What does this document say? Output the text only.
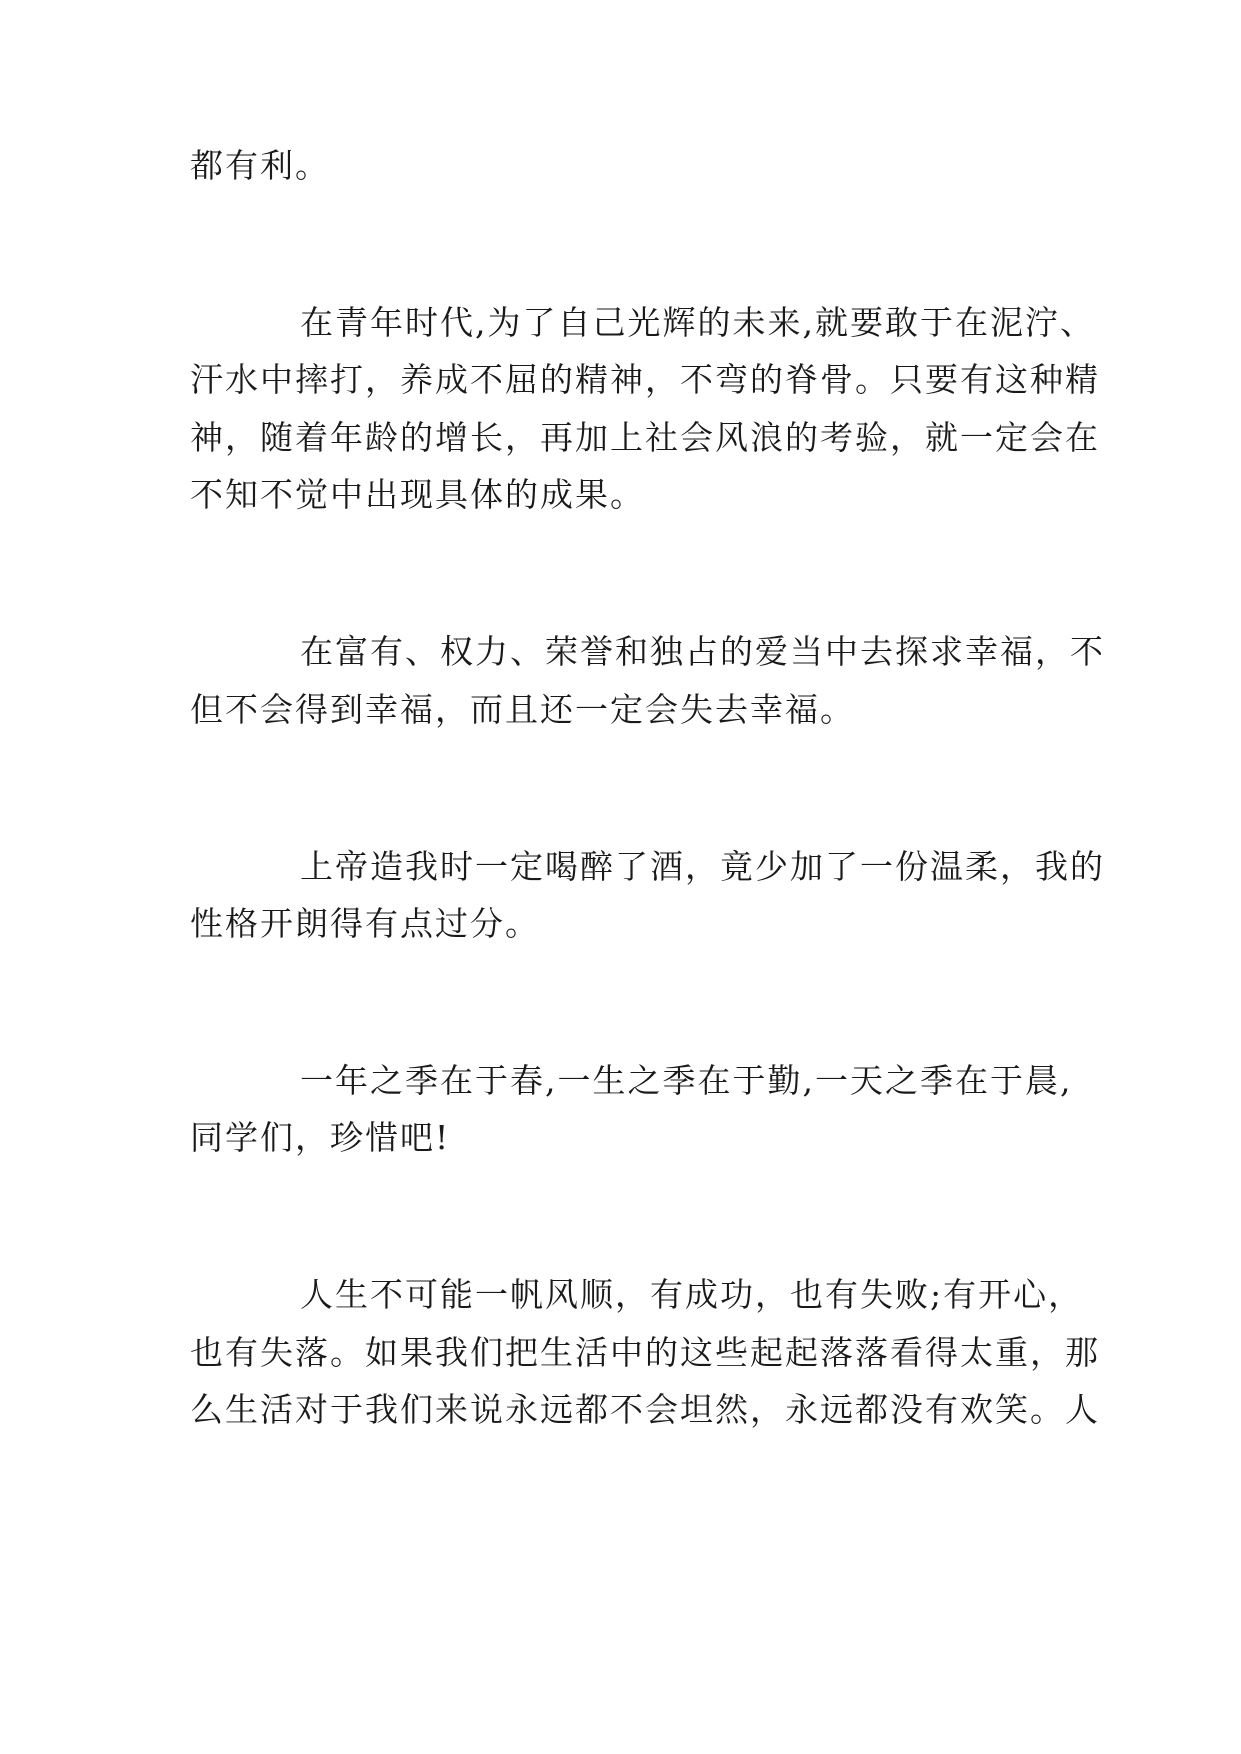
都有利。
在青年时代,为了自己光辉的未来,就要敢于在泥泞、
汗水中摔打，养成不屈的精神，不弯的脊骨。只要有这种精
神，随着年龄的增长，再加上社会风浪的考验，就一定会在
不知不觉中出现具体的成果。
在富有、权力、荣誉和独占的爱当中去探求幸福，不
但不会得到幸福，而且还一定会失去幸福。
上帝造我时一定喝醉了酒，竟少加了一份温柔，我的
性格开朗得有点过分。
一年之季在于春,一生之季在于勤,一天之季在于晨,
同学们，珍惜吧!
人生不可能一帆风顺，有成功，也有失败;有开心，
也有失落。如果我们把生活中的这些起起落落看得太重，那
么生活对于我们来说永远都不会坦然，永远都没有欢笑。人
